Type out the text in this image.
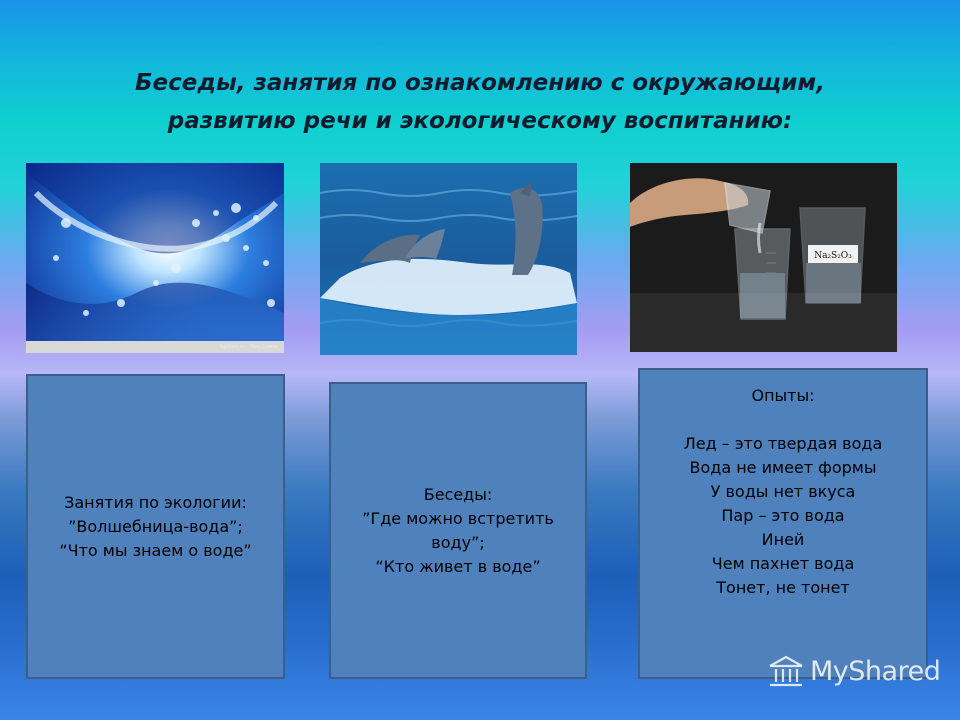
Беседы, занятия по ознакомлению с окружающим,
развитию речи и экологическому воспитанию:
TopShot.ru · Tom Cawse
Na₂S₂O₃
Занятия по экологии:
”Волшебница-вода”;
“Что мы знаем о воде”
Беседы:
”Где можно встретить
воду”;
“Кто живет в воде”
Опыты:
Лед – это твердая вода
Вода не имеет формы
У воды нет вкуса
Пар – это вода
Иней
Чем пахнет вода
Тонет, не тонет
MyShared
